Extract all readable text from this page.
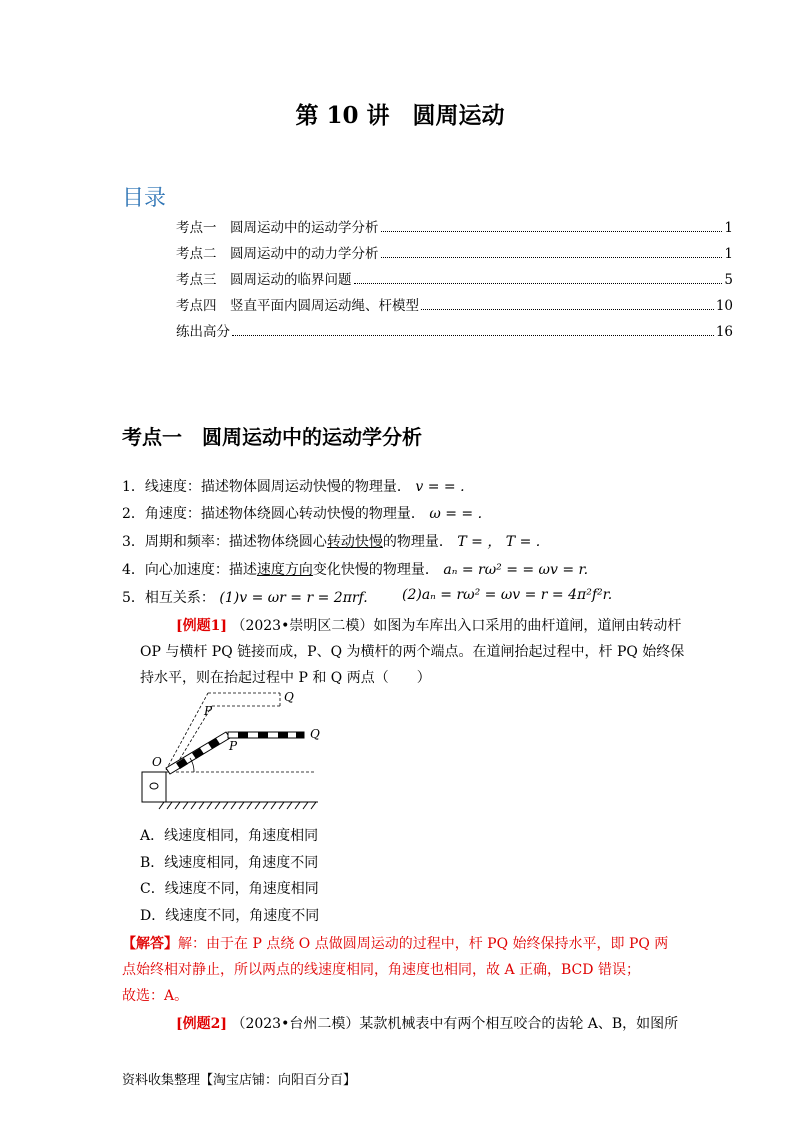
第 10 讲　圆周运动
目录
考点一　圆周运动中的运动学分析	1
考点二　圆周运动中的动力学分析	1
考点三　圆周运动的临界问题	5
考点四　竖直平面内圆周运动绳、杆模型	10
练出高分	16
考点一　圆周运动中的运动学分析
1．线速度：描述物体圆周运动快慢的物理量． v = = .
2．角速度：描述物体绕圆心转动快慢的物理量． ω = = .
3．周期和频率：描述物体绕圆心转动快慢的物理量． T = ， T = .
4．向心加速度：描述速度方向变化快慢的物理量． aₙ = rω² = = ωv = r.
5．相互关系： (1)v = ωr = r = 2πrf. (2)aₙ = rω² = ωv = r = 4π²f²r.
[例题1] （2023•崇明区二模）如图为车库出入口采用的曲杆道闸，道闸由转动杆
OP 与横杆 PQ 链接而成，P、Q 为横杆的两个端点。在道闸抬起过程中，杆 PQ 始终保
持水平，则在抬起过程中 P 和 Q 两点（　　）
O
P
Q
P
Q
A．线速度相同，角速度相同
B．线速度相同，角速度不同
C．线速度不同，角速度相同
D．线速度不同，角速度不同
【解答】解：由于在 P 点绕 O 点做圆周运动的过程中，杆 PQ 始终保持水平，即 PQ 两
点始终相对静止，所以两点的线速度相同，角速度也相同，故 A 正确，BCD 错误；
故选：A。
[例题2] （2023•台州二模）某款机械表中有两个相互咬合的齿轮 A、B，如图所
资料收集整理【淘宝店铺：向阳百分百】
